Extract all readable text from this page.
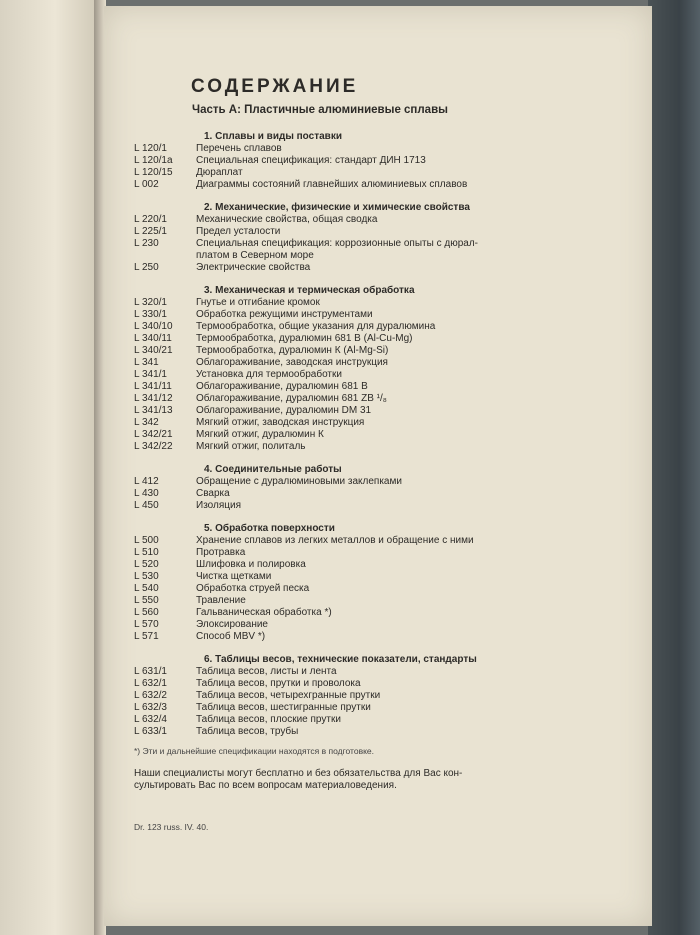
СОДЕРЖАНИЕ
Часть А: Пластичные алюминиевые сплавы
1. Сплавы и виды поставки
L 120/1	Перечень сплавов
L 120/1a	Специальная спецификация: стандарт ДИН 1713
L 120/15	Дюраплат
L 002	Диаграммы состояний главнейших алюминиевых сплавов
2. Механические, физические и химические свойства
L 220/1	Механические свойства, общая сводка
L 225/1	Предел усталости
L 230	Специальная спецификация: коррозионные опыты с дюрал-
платом в Северном море
L 250	Электрические свойства
3. Механическая и термическая обработка
L 320/1	Гнутье и отгибание кромок
L 330/1	Обработка режущими инструментами
L 340/10	Термообработка, общие указания для дуралюмина
L 340/11	Термообработка, дуралюмин 681 В (Al-Cu-Mg)
L 340/21	Термообработка, дуралюмин К (Al-Mg-Si)
L 341	Облагораживание, заводская инструкция
L 341/1	Установка для термообработки
L 341/11	Облагораживание, дуралюмин 681 В
L 341/12	Облагораживание, дуралюмин 681 ZB ¹/₈
L 341/13	Облагораживание, дуралюмин DM 31
L 342	Мягкий отжиг, заводская инструкция
L 342/21	Мягкий отжиг, дуралюмин К
L 342/22	Мягкий отжиг, политаль
4. Соединительные работы
L 412	Обращение с дуралюминовыми заклепками
L 430	Сварка
L 450	Изоляция
5. Обработка поверхности
L 500	Хранение сплавов из легких металлов и обращение с ними
L 510	Протравка
L 520	Шлифовка и полировка
L 530	Чистка щетками
L 540	Обработка струей песка
L 550	Травление
L 560	Гальваническая обработка *)
L 570	Элоксирование
L 571	Способ MBV *)
6. Таблицы весов, технические показатели, стандарты
L 631/1	Таблица весов, листы и лента
L 632/1	Таблица весов, прутки и проволока
L 632/2	Таблица весов, четырехгранные прутки
L 632/3	Таблица весов, шестигранные прутки
L 632/4	Таблица весов, плоские прутки
L 633/1	Таблица весов, трубы
*) Эти и дальнейшие спецификации находятся в подготовке.
Наши специалисты могут бесплатно и без обязательства для Вас кон-
сультировать Вас по всем вопросам материаловедения.
Dr. 123 russ. IV. 40.
